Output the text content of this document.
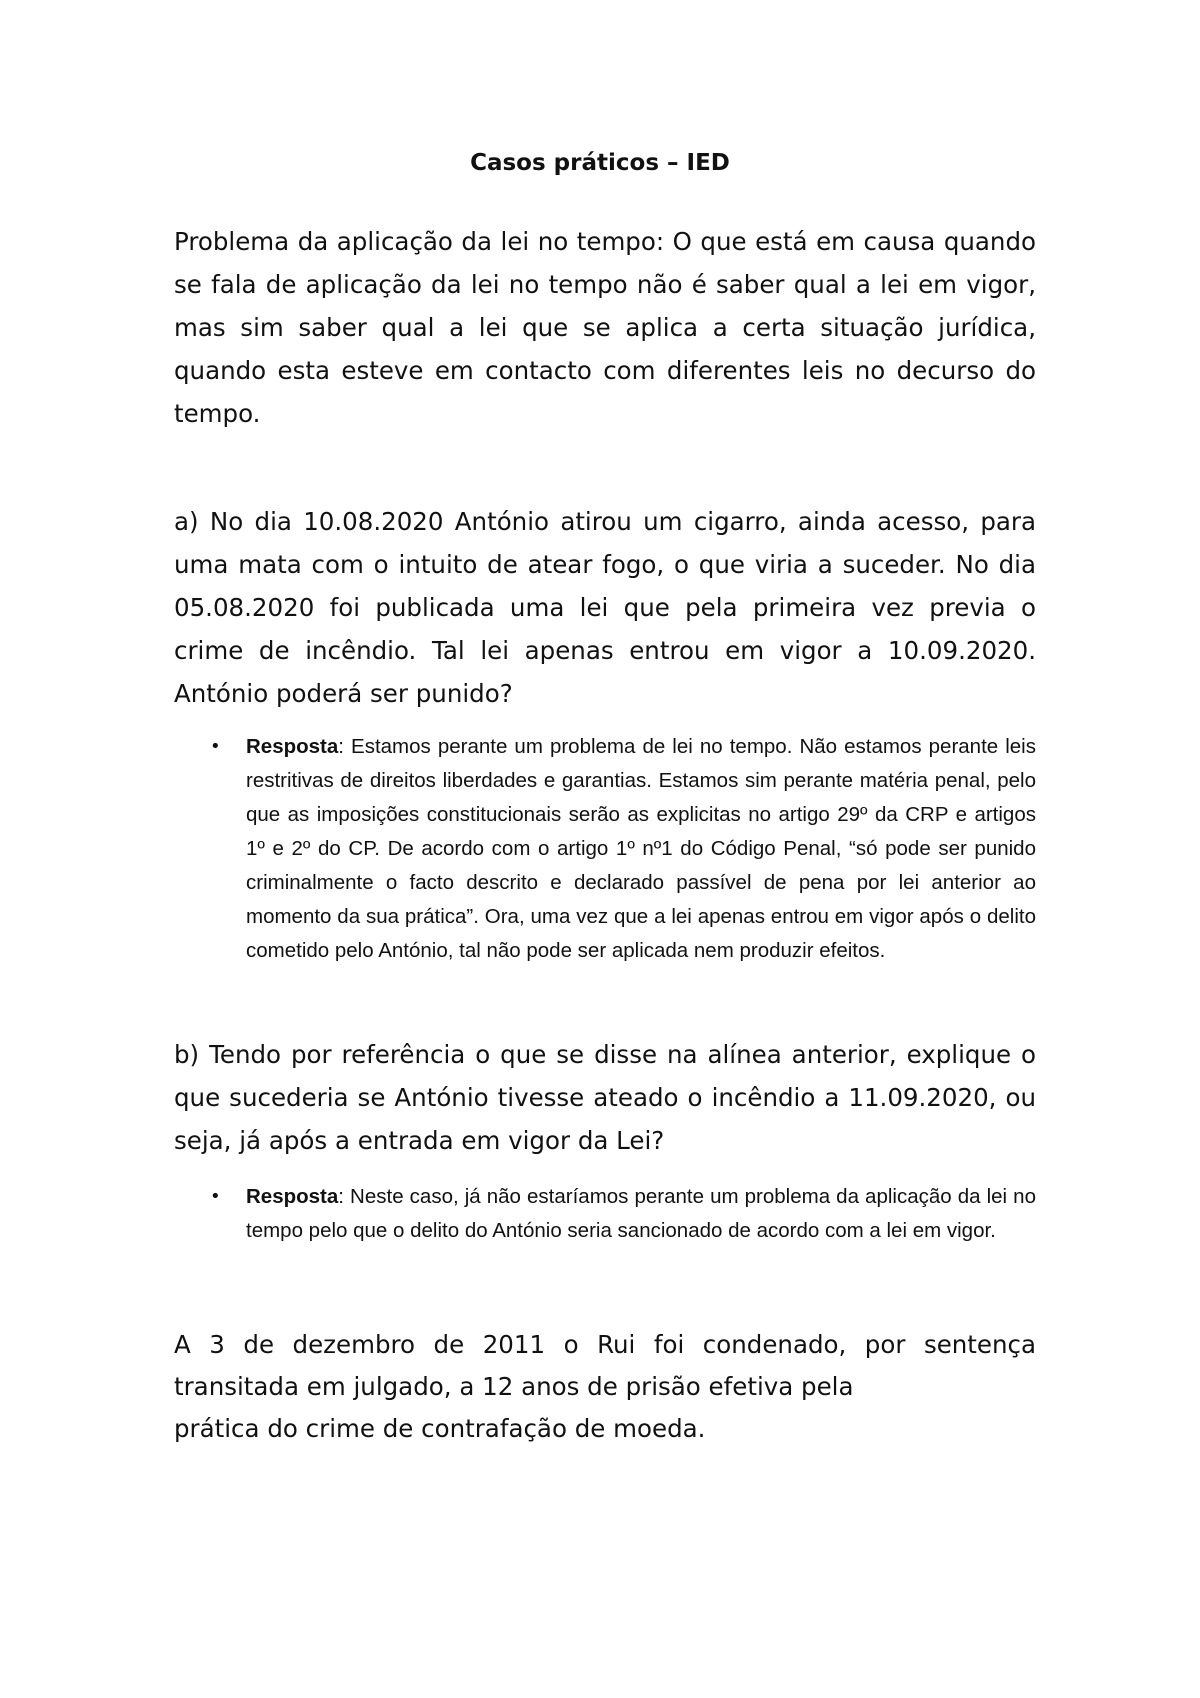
Casos práticos – IED
Problema da aplicação da lei no tempo: O que está em causa quando se fala de aplicação da lei no tempo não é saber qual a lei em vigor, mas sim saber qual a lei que se aplica a certa situação jurídica, quando esta esteve em contacto com diferentes leis no decurso do tempo.
a) No dia 10.08.2020 António atirou um cigarro, ainda acesso, para uma mata com o intuito de atear fogo, o que viria a suceder. No dia 05.08.2020 foi publicada uma lei que pela primeira vez previa o crime de incêndio. Tal lei apenas entrou em vigor a 10.09.2020. António poderá ser punido?
• Resposta: Estamos perante um problema de lei no tempo. Não estamos perante leis restritivas de direitos liberdades e garantias. Estamos sim perante matéria penal, pelo que as imposições constitucionais serão as explicitas no artigo 29º da CRP e artigos 1º e 2º do CP. De acordo com o artigo 1º nº1 do Código Penal, “só pode ser punido criminalmente o facto descrito e declarado passível de pena por lei anterior ao momento da sua prática”. Ora, uma vez que a lei apenas entrou em vigor após o delito cometido pelo António, tal não pode ser aplicada nem produzir efeitos.
b) Tendo por referência o que se disse na alínea anterior, explique o que sucederia se António tivesse ateado o incêndio a 11.09.2020, ou seja, já após a entrada em vigor da Lei?
• Resposta: Neste caso, já não estaríamos perante um problema da aplicação da lei no tempo pelo que o delito do António seria sancionado de acordo com a lei em vigor.
A 3 de dezembro de 2011 o Rui foi condenado, por sentença
transitada em julgado, a 12 anos de prisão efetiva pela
prática do crime de contrafação de moeda.
